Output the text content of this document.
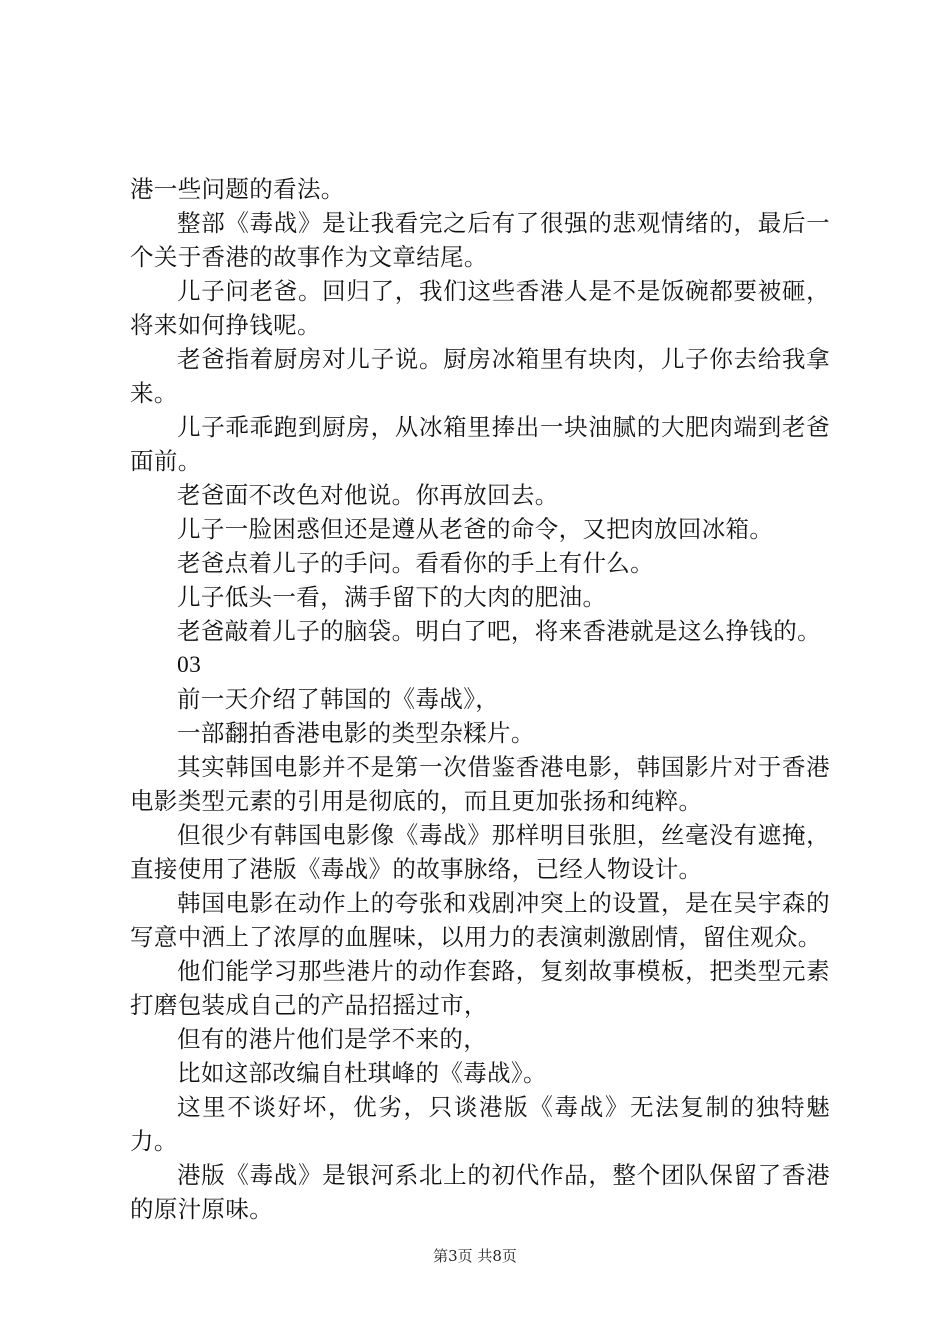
港一些问题的看法。

整部《毒战》是让我看完之后有了很强的悲观情绪的，最后一个关于香港的故事作为文章结尾。

儿子问老爸。回归了，我们这些香港人是不是饭碗都要被砸，将来如何挣钱呢。

老爸指着厨房对儿子说。厨房冰箱里有块肉，儿子你去给我拿来。

儿子乖乖跑到厨房，从冰箱里捧出一块油腻的大肥肉端到老爸面前。

老爸面不改色对他说。你再放回去。

儿子一脸困惑但还是遵从老爸的命令，又把肉放回冰箱。

老爸点着儿子的手问。看看你的手上有什么。

儿子低头一看，满手留下的大肉的肥油。

老爸敲着儿子的脑袋。明白了吧，将来香港就是这么挣钱的。

03

前一天介绍了韩国的《毒战》，

一部翻拍香港电影的类型杂糅片。

其实韩国电影并不是第一次借鉴香港电影，韩国影片对于香港电影类型元素的引用是彻底的，而且更加张扬和纯粹。

但很少有韩国电影像《毒战》那样明目张胆，丝毫没有遮掩，直接使用了港版《毒战》的故事脉络，已经人物设计。

韩国电影在动作上的夸张和戏剧冲突上的设置，是在吴宇森的写意中洒上了浓厚的血腥味，以用力的表演刺激剧情，留住观众。

他们能学习那些港片的动作套路，复刻故事模板，把类型元素打磨包装成自己的产品招摇过市，

但有的港片他们是学不来的，

比如这部改编自杜琪峰的《毒战》。

这里不谈好坏，优劣，只谈港版《毒战》无法复制的独特魅力。

港版《毒战》是银河系北上的初代作品，整个团队保留了香港的原汁原味。

第3页 共8页
